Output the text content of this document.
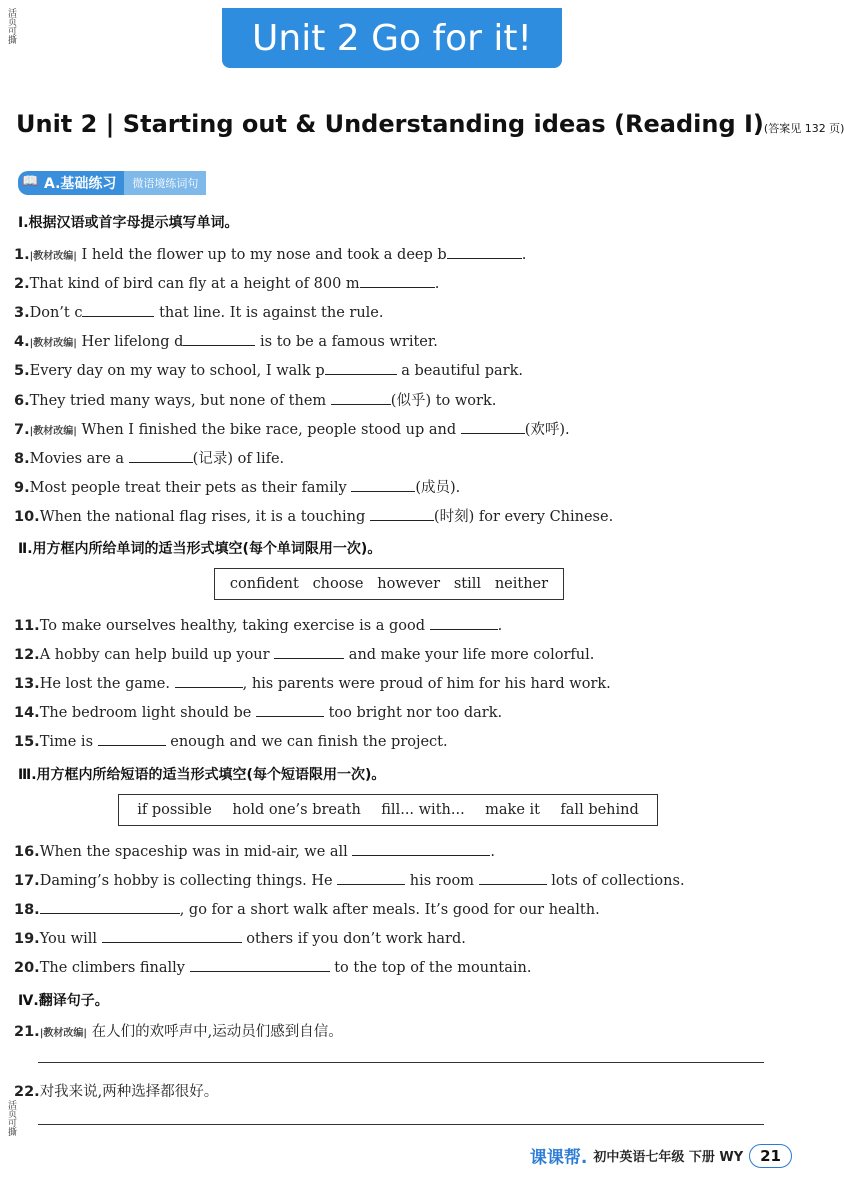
Unit 2 Go for it!
活页可撕
活页可撕
Unit 2 | Starting out & Understanding ideas (Reading I)(答案见 132 页)
📖 A.基础练习	微语境练词句
Ⅰ.根据汉语或首字母提示填写单词。
1.|教材改编| I held the flower up to my nose and took a deep b	.
2.That kind of bird can fly at a height of 800 m	.
3.Don’t c	that line. It is against the rule.
4.|教材改编| Her lifelong d	is to be a famous writer.
5.Every day on my way to school, I walk p	a beautiful park.
6.They tried many ways, but none of them	(似乎) to work.
7.|教材改编| When I finished the bike race, people stood up and	(欢呼).
8.Movies are a	(记录) of life.
9.Most people treat their pets as their family	(成员).
10.When the national flag rises, it is a touching	(时刻) for every Chinese.
Ⅱ.用方框内所给单词的适当形式填空(每个单词限用一次)。
confident choose however still neither
11.To make ourselves healthy, taking exercise is a good	.
12.A hobby can help build up your	and make your life more colorful.
13.He lost the game.	, his parents were proud of him for his hard work.
14.The bedroom light should be	too bright nor too dark.
15.Time is	enough and we can finish the project.
Ⅲ.用方框内所给短语的适当形式填空(每个短语限用一次)。
if possible hold one’s breath fill... with... make it fall behind
16.When the spaceship was in mid-air, we all	.
17.Daming’s hobby is collecting things. He	his room	lots of collections.
18.	, go for a short walk after meals. It’s good for our health.
19.You will	others if you don’t work hard.
20.The climbers finally	to the top of the mountain.
Ⅳ.翻译句子。
21.|教材改编| 在人们的欢呼声中,运动员们感到自信。
22.对我来说,两种选择都很好。
课课帮. 初中英语七年级 下册 WY	21
